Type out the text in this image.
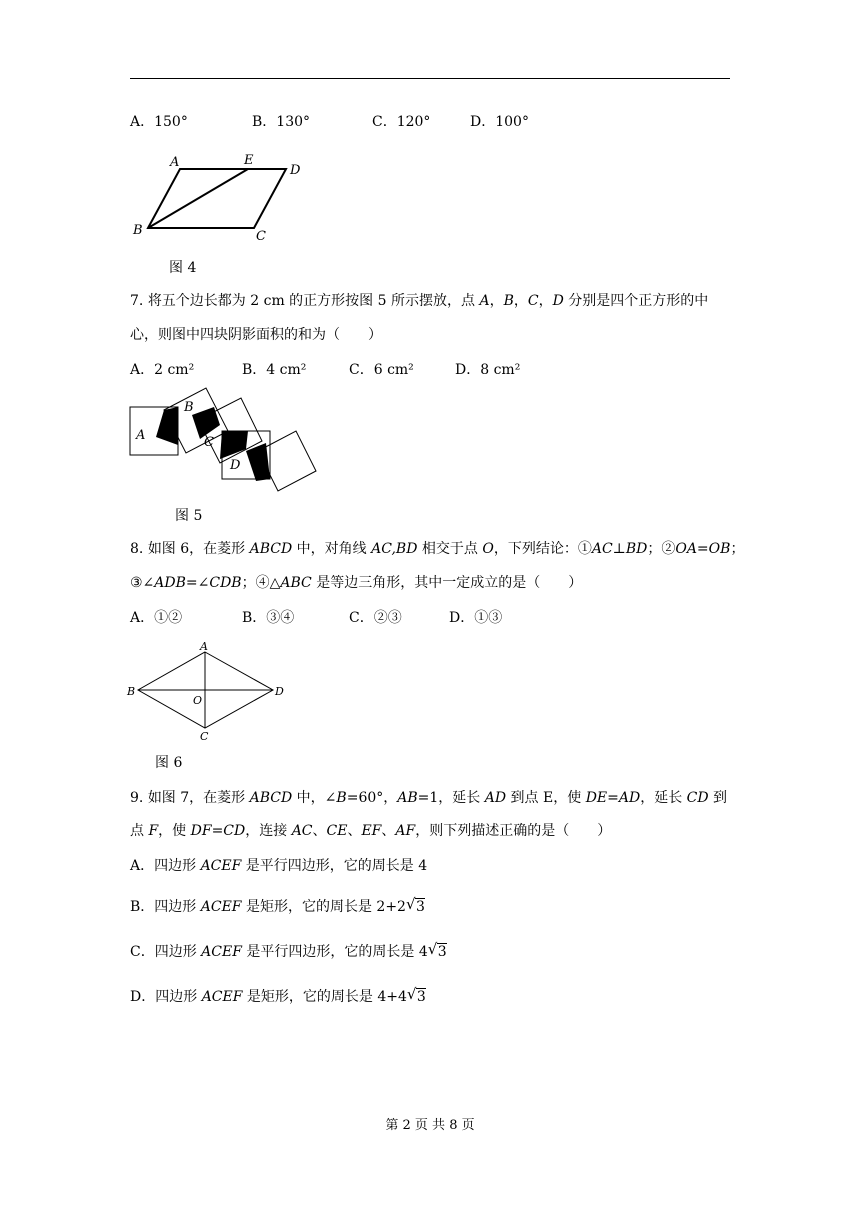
A．150°	B．130°	C．120°	D．100°
A	E
D
B	C
图 4
7. 将五个边长都为 2 cm 的正方形按图 5 所示摆放，点 A，B，C，D 分别是四个正方形的中
心，则图中四块阴影面积的和为（　　）
A．2 cm²	B．4 cm²	C．6 cm²	D．8 cm²
A
B
C
D
图 5
8. 如图 6，在菱形 ABCD 中，对角线 AC,BD 相交于点 O，下列结论：①AC⊥BD；②OA=OB；
③∠ADB=∠CDB；④△ABC 是等边三角形，其中一定成立的是（　　）
A．①②	B．③④	C．②③	D．①③
A
B
O
D
C
图 6
9. 如图 7，在菱形 ABCD 中，∠B=60°，AB=1，延长 AD 到点 E，使 DE=AD，延长 CD 到
点 F，使 DF=CD，连接 AC、CE、EF、AF，则下列描述正确的是（　　）
A．四边形 ACEF 是平行四边形，它的周长是 4
B．四边形 ACEF 是矩形，它的周长是 2+2 √ 3
C．四边形 ACEF 是平行四边形，它的周长是 4 √ 3
D．四边形 ACEF 是矩形，它的周长是 4+4 √ 3
第 2 页 共 8 页
